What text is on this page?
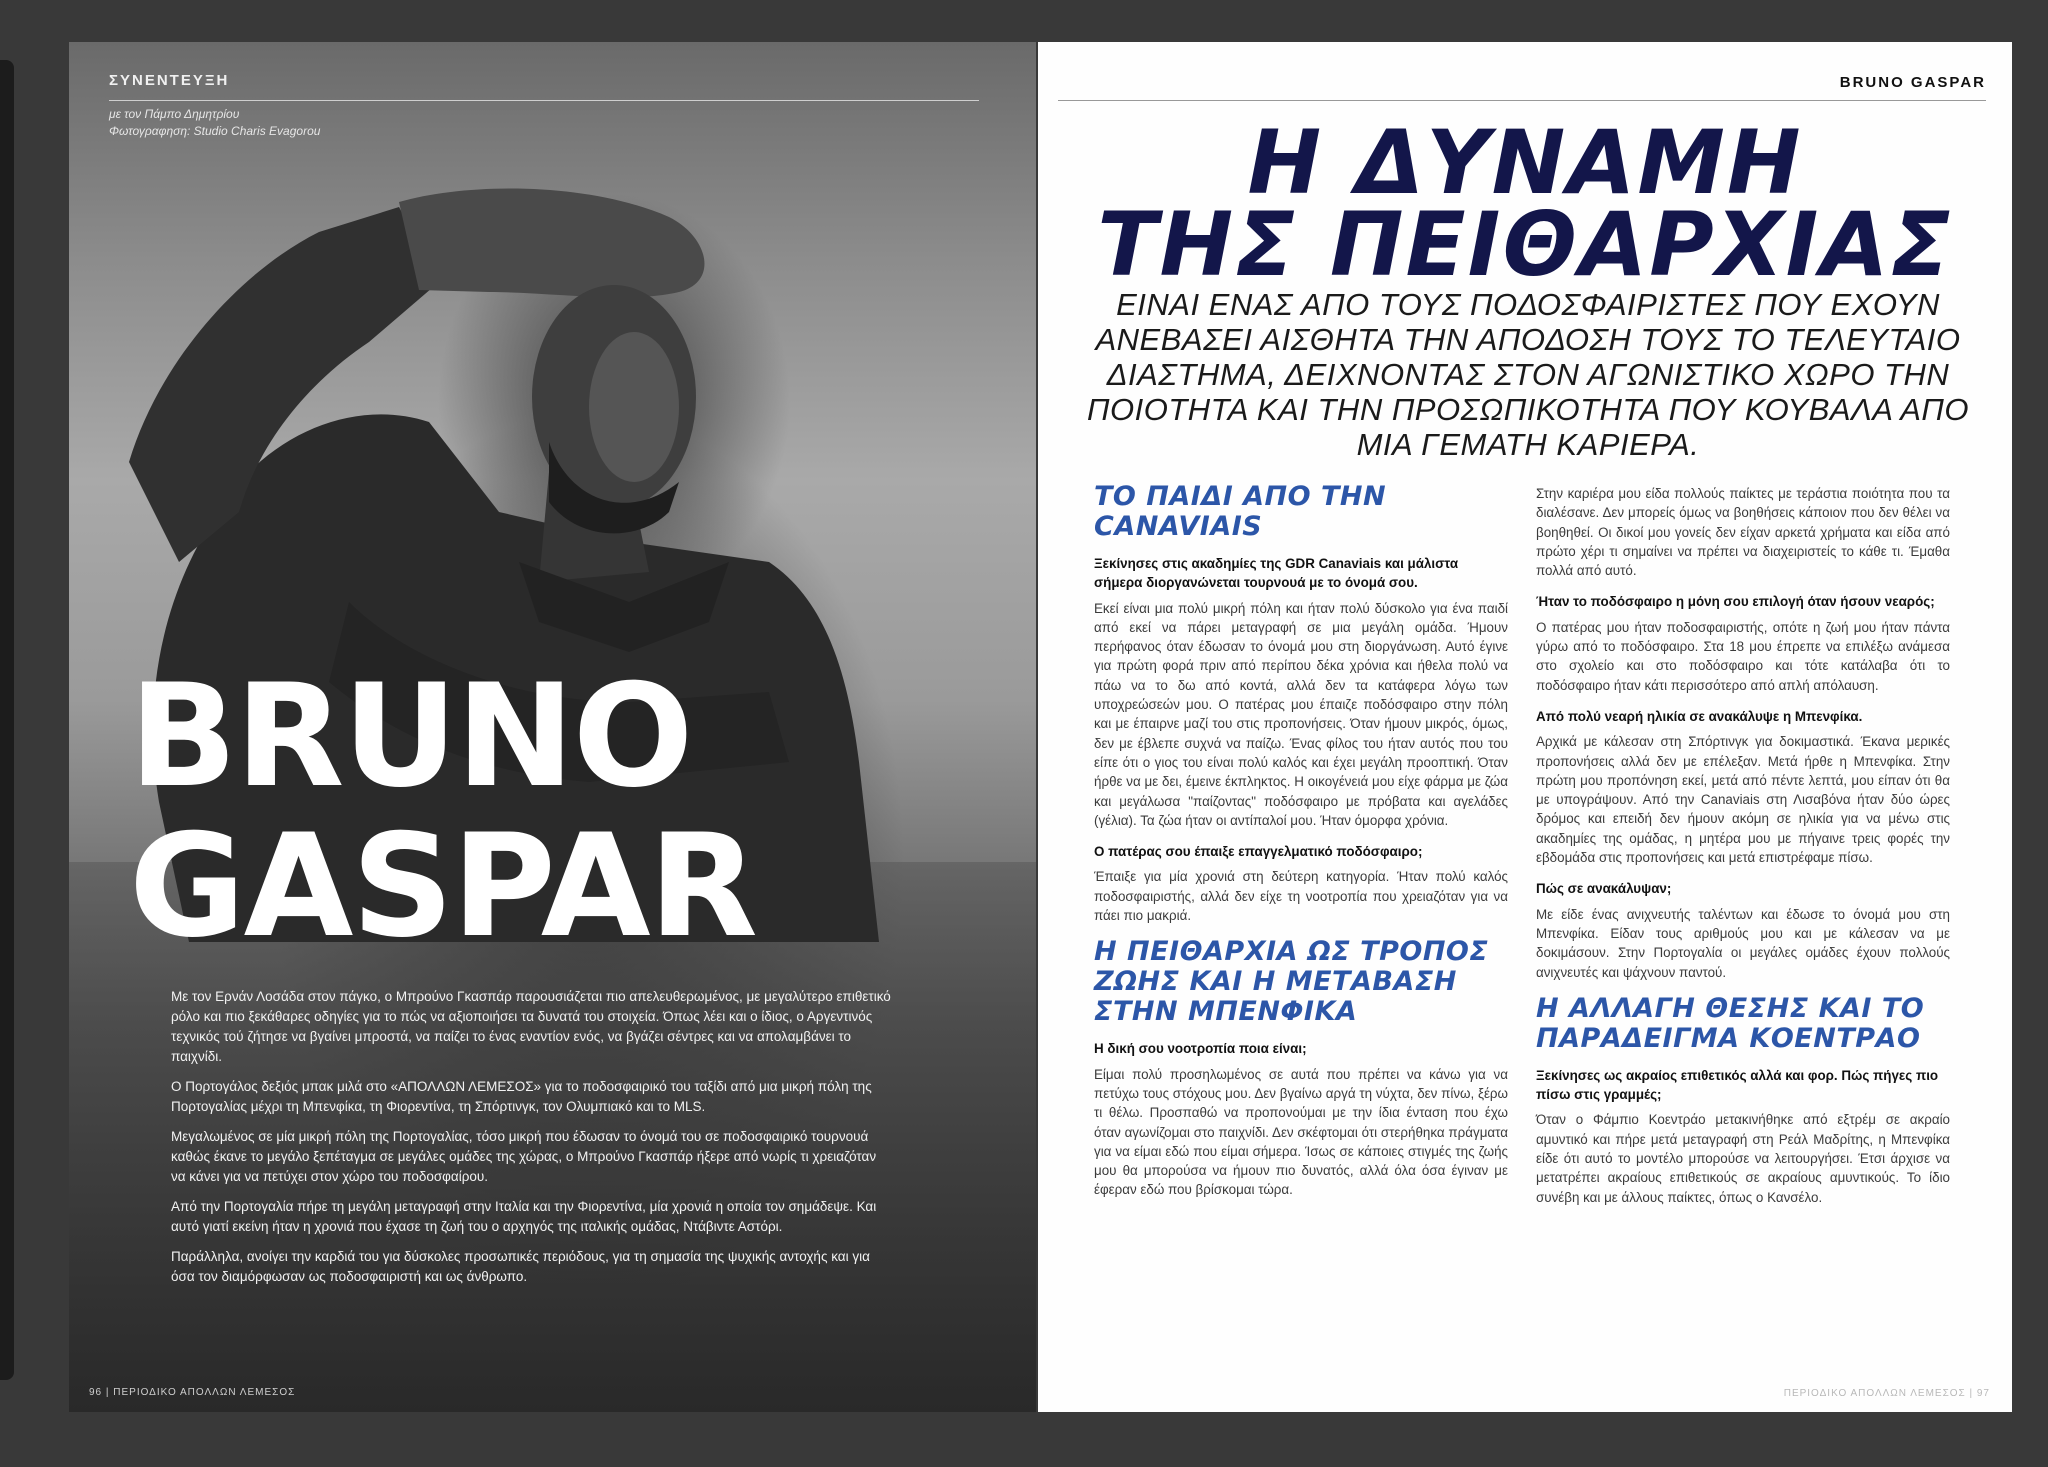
ΣΥΝΕΝΤΕΥΞΗ
με τον Πάμπο Δημητρίου
Φωτογραφηση: Studio Charis Evagorou
BRUNO
GASPAR

Με τον Ερνάν Λοσάδα στον πάγκο, ο Μπρούνο Γκασπάρ παρουσιάζεται πιο απελευθερωμένος, με μεγαλύτερο επιθετικό ρόλο και πιο ξεκάθαρες οδηγίες για το πώς να αξιοποιήσει τα δυνατά του στοιχεία. Όπως λέει και ο ίδιος, ο Αργεντινός τεχνικός τού ζήτησε να βγαίνει μπροστά, να παίζει το ένας εναντίον ενός, να βγάζει σέντρες και να απολαμβάνει το παιχνίδι.

Ο Πορτογάλος δεξιός μπακ μιλά στο «ΑΠΟΛΛΩΝ ΛΕΜΕΣΟΣ» για το ποδοσφαιρικό του ταξίδι από μια μικρή πόλη της Πορτογαλίας μέχρι τη Μπενφίκα, τη Φιορεντίνα, τη Σπόρτινγκ, τον Ολυμπιακό και το MLS.

Μεγαλωμένος σε μία μικρή πόλη της Πορτογαλίας, τόσο μικρή που έδωσαν το όνομά του σε ποδοσφαιρικό τουρνουά καθώς έκανε το μεγάλο ξεπέταγμα σε μεγάλες ομάδες της χώρας, ο Μπρούνο Γκασπάρ ήξερε από νωρίς τι χρειαζόταν να κάνει για να πετύχει στον χώρο του ποδοσφαίρου.

Από την Πορτογαλία πήρε τη μεγάλη μεταγραφή στην Ιταλία και την Φιορεντίνα, μία χρονιά η οποία τον σημάδεψε. Και αυτό γιατί εκείνη ήταν η χρονιά που έχασε τη ζωή του ο αρχηγός της ιταλικής ομάδας, Ντάβιντε Αστόρι.

Παράλληλα, ανοίγει την καρδιά του για δύσκολες προσωπικές περιόδους, για τη σημασία της ψυχικής αντοχής και για όσα τον διαμόρφωσαν ως ποδοσφαιριστή και ως άνθρωπο.

96 | ΠΕΡΙΟΔΙΚΟ ΑΠΟΛΛΩΝ ΛΕΜΕΣΟΣ
BRUNO GASPAR
Η ΔΥΝΑΜΗ
ΤΗΣ ΠΕΙΘΑΡΧΙΑΣ
ΕΙΝΑΙ ΕΝΑΣ ΑΠΟ ΤΟΥΣ ΠΟΔΟΣΦΑΙΡΙΣΤΕΣ ΠΟΥ ΕΧΟΥΝ ΑΝΕΒΑΣΕΙ ΑΙΣΘΗΤΑ ΤΗΝ ΑΠΟΔΟΣΗ ΤΟΥΣ ΤΟ ΤΕΛΕΥΤΑΙΟ ΔΙΑΣΤΗΜΑ, ΔΕΙΧΝΟΝΤΑΣ ΣΤΟΝ ΑΓΩΝΙΣΤΙΚΟ ΧΩΡΟ ΤΗΝ ΠΟΙΟΤΗΤΑ ΚΑΙ ΤΗΝ ΠΡΟΣΩΠΙΚΟΤΗΤΑ ΠΟΥ ΚΟΥΒΑΛΑ ΑΠΟ ΜΙΑ ΓΕΜΑΤΗ ΚΑΡΙΕΡΑ.
ΤΟ ΠΑΙΔΙ ΑΠΟ ΤΗΝ CANAVIAIS
Ξεκίνησες στις ακαδημίες της GDR Canaviais και μάλιστα σήμερα διοργανώνεται τουρνουά με το όνομά σου.
Εκεί είναι μια πολύ μικρή πόλη και ήταν πολύ δύσκολο για ένα παιδί από εκεί να πάρει μεταγραφή σε μια μεγάλη ομάδα. Ήμουν περήφανος όταν έδωσαν το όνομά μου στη διοργάνωση. Αυτό έγινε για πρώτη φορά πριν από περίπου δέκα χρόνια και ήθελα πολύ να πάω να το δω από κοντά, αλλά δεν τα κατάφερα λόγω των υποχρεώσεών μου. Ο πατέρας μου έπαιζε ποδόσφαιρο στην πόλη και με έπαιρνε μαζί του στις προπονήσεις. Όταν ήμουν μικρός, όμως, δεν με έβλεπε συχνά να παίζω. Ένας φίλος του ήταν αυτός που του είπε ότι ο γιος του είναι πολύ καλός και έχει μεγάλη προοπτική. Όταν ήρθε να με δει, έμεινε έκπληκτος. Η οικογένειά μου είχε φάρμα με ζώα και μεγάλωσα "παίζοντας" ποδόσφαιρο με πρόβατα και αγελάδες (γέλια). Τα ζώα ήταν οι αντίπαλοί μου. Ήταν όμορφα χρόνια.
Ο πατέρας σου έπαιξε επαγγελματικό ποδόσφαιρο;
Έπαιξε για μία χρονιά στη δεύτερη κατηγορία. Ήταν πολύ καλός ποδοσφαιριστής, αλλά δεν είχε τη νοοτροπία που χρειαζόταν για να πάει πιο μακριά.
Η ΠΕΙΘΑΡΧΙΑ ΩΣ ΤΡΟΠΟΣ ΖΩΗΣ ΚΑΙ Η ΜΕΤΑΒΑΣΗ ΣΤΗΝ ΜΠΕΝΦΙΚΑ
Η δική σου νοοτροπία ποια είναι;
Είμαι πολύ προσηλωμένος σε αυτά που πρέπει να κάνω για να πετύχω τους στόχους μου. Δεν βγαίνω αργά τη νύχτα, δεν πίνω, ξέρω τι θέλω. Προσπαθώ να προπονούμαι με την ίδια ένταση που έχω όταν αγωνίζομαι στο παιχνίδι. Δεν σκέφτομαι ότι στερήθηκα πράγματα για να είμαι εδώ που είμαι σήμερα. Ίσως σε κάποιες στιγμές της ζωής μου θα μπορούσα να ήμουν πιο δυνατός, αλλά όλα όσα έγιναν με έφεραν εδώ που βρίσκομαι τώρα.
Στην καριέρα μου είδα πολλούς παίκτες με τεράστια ποιότητα που τα διαλέσανε. Δεν μπορείς όμως να βοηθήσεις κάποιον που δεν θέλει να βοηθηθεί. Οι δικοί μου γονείς δεν είχαν αρκετά χρήματα και είδα από πρώτο χέρι τι σημαίνει να πρέπει να διαχειριστείς το κάθε τι. Έμαθα πολλά από αυτό.
Ήταν το ποδόσφαιρο η μόνη σου επιλογή όταν ήσουν νεαρός;
Ο πατέρας μου ήταν ποδοσφαιριστής, οπότε η ζωή μου ήταν πάντα γύρω από το ποδόσφαιρο. Στα 18 μου έπρεπε να επιλέξω ανάμεσα στο σχολείο και στο ποδόσφαιρο και τότε κατάλαβα ότι το ποδόσφαιρο ήταν κάτι περισσότερο από απλή απόλαυση.
Από πολύ νεαρή ηλικία σε ανακάλυψε η Μπενφίκα.
Αρχικά με κάλεσαν στη Σπόρτινγκ για δοκιμαστικά. Έκανα μερικές προπονήσεις αλλά δεν με επέλεξαν. Μετά ήρθε η Μπενφίκα. Στην πρώτη μου προπόνηση εκεί, μετά από πέντε λεπτά, μου είπαν ότι θα με υπογράψουν. Από την Canaviais στη Λισαβόνα ήταν δύο ώρες δρόμος και επειδή δεν ήμουν ακόμη σε ηλικία για να μένω στις ακαδημίες της ομάδας, η μητέρα μου με πήγαινε τρεις φορές την εβδομάδα στις προπονήσεις και μετά επιστρέφαμε πίσω.
Πώς σε ανακάλυψαν;
Με είδε ένας ανιχνευτής ταλέντων και έδωσε το όνομά μου στη Μπενφίκα. Είδαν τους αριθμούς μου και με κάλεσαν να με δοκιμάσουν. Στην Πορτογαλία οι μεγάλες ομάδες έχουν πολλούς ανιχνευτές και ψάχνουν παντού.
Η ΑΛΛΑΓΗ ΘΕΣΗΣ ΚΑΙ ΤΟ ΠΑΡΑΔΕΙΓΜΑ ΚΟΕΝΤΡΑΟ
Ξεκίνησες ως ακραίος επιθετικός αλλά και φορ. Πώς πήγες πιο πίσω στις γραμμές;
Όταν ο Φάμπιο Κοεντράο μετακινήθηκε από εξτρέμ σε ακραίο αμυντικό και πήρε μετά μεταγραφή στη Ρεάλ Μαδρίτης, η Μπενφίκα είδε ότι αυτό το μοντέλο μπορούσε να λειτουργήσει. Έτσι άρχισε να μετατρέπει ακραίους επιθετικούς σε ακραίους αμυντικούς. Το ίδιο συνέβη και με άλλους παίκτες, όπως ο Κανσέλο.
ΠΕΡΙΟΔΙΚΟ ΑΠΟΛΛΩΝ ΛΕΜΕΣΟΣ | 97
